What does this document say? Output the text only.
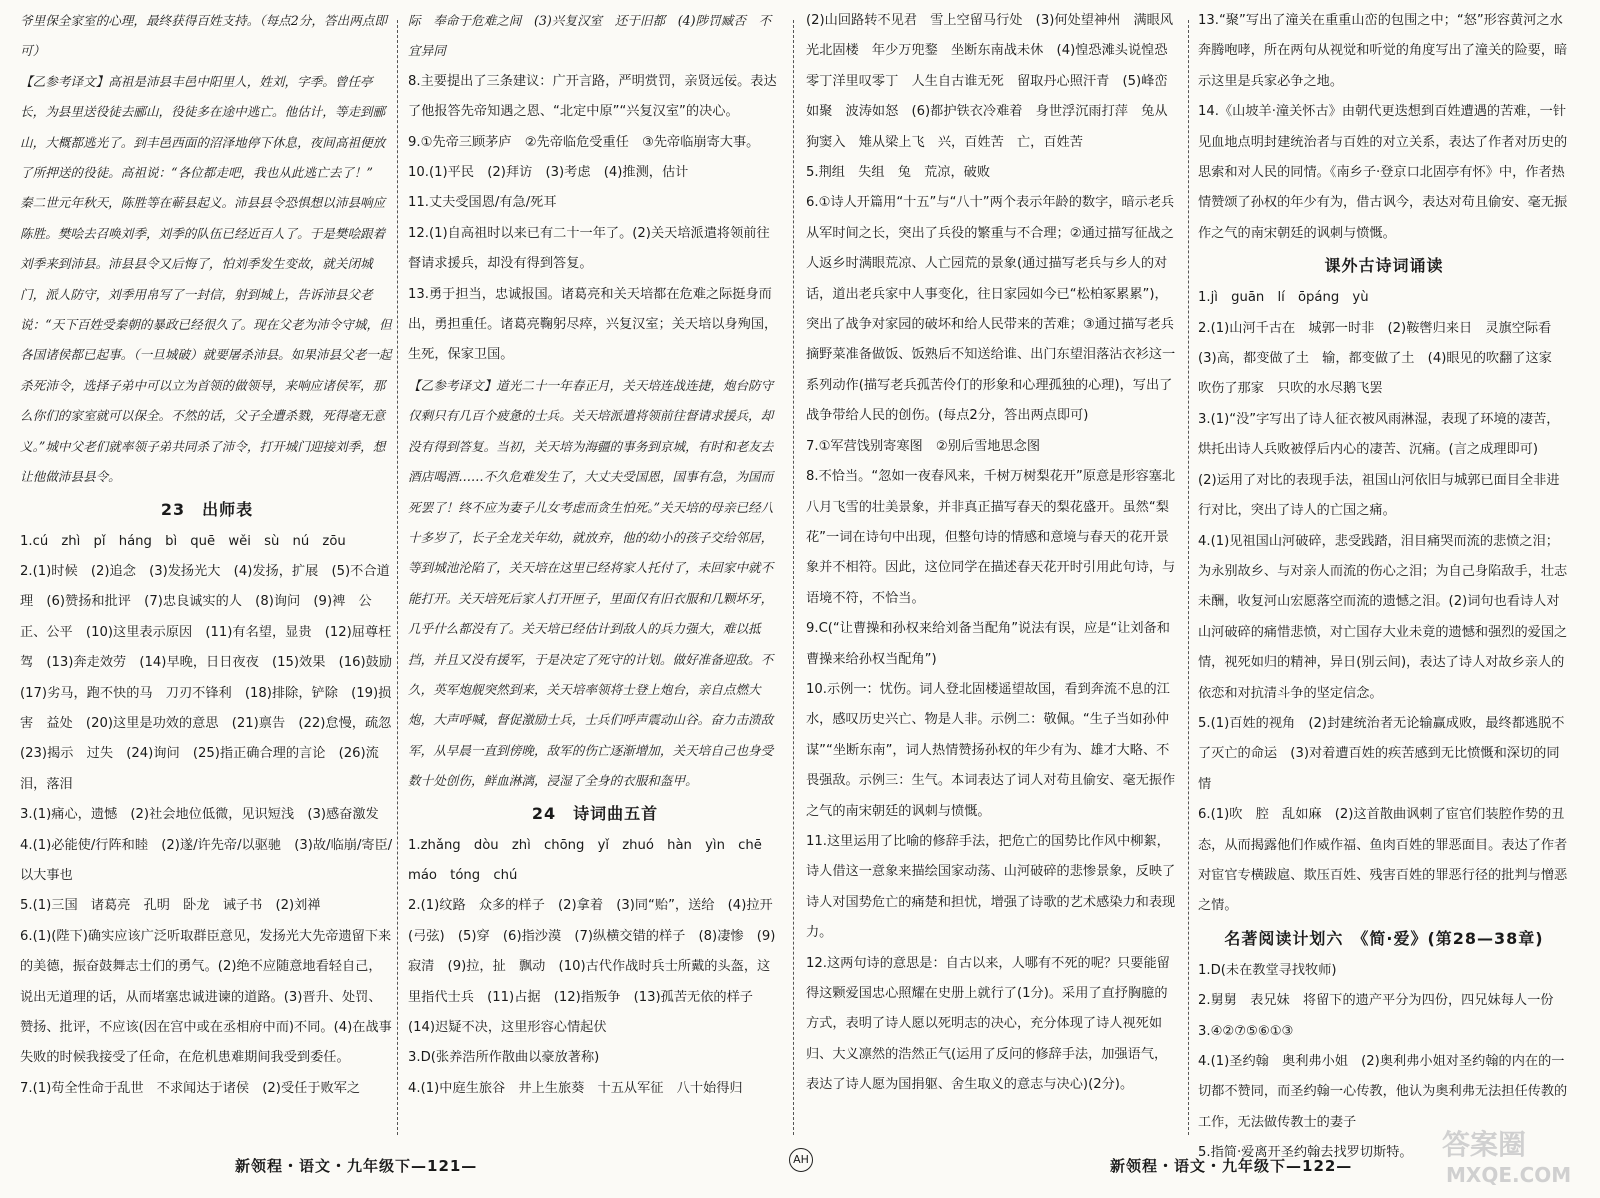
爷里保全家室的心理，最终获得百姓支持。（每点2分，答出两点即可）

【乙参考译文】高祖是沛县丰邑中阳里人，姓刘，字季。曾任亭长，为县里送役徒去郦山，役徒多在途中逃亡。他估计，等走到郦山，大概都逃光了。到丰邑西面的沼泽地停下休息，夜间高祖便放了所押送的役徒。高祖说：“各位都走吧，我也从此逃亡去了！”

秦二世元年秋天，陈胜等在蕲县起义。沛县县令恐惧想以沛县响应陈胜。樊哙去召唤刘季，刘季的队伍已经近百人了。于是樊哙跟着刘季来到沛县。沛县县令又后悔了，怕刘季发生变故，就关闭城门，派人防守，刘季用帛写了一封信，射到城上，告诉沛县父老说：“天下百姓受秦朝的暴政已经很久了。现在父老为沛令守城，但各国诸侯都已起事。（一旦城破）就要屠杀沛县。如果沛县父老一起杀死沛令，选择子弟中可以立为首领的做领导，来响应诸侯军，那么你们的家室就可以保全。不然的话，父子全遭杀戮，死得毫无意义。”城中父老们就率领子弟共同杀了沛令，打开城门迎接刘季，想让他做沛县县令。

23　出师表

1.cú　zhì　pǐ　háng　bì　quē　wěi　sù　nú　zōu

2.(1)时候　(2)追念　(3)发扬光大　(4)发扬，扩展　(5)不合道理　(6)赞扬和批评　(7)忠良诚实的人　(8)询问　(9)裨　公正、公平　(10)这里表示原因　(11)有名望，显贵　(12)屈尊枉驾　(13)奔走效劳　(14)早晚，日日夜夜　(15)效果　(16)鼓励　(17)劣马，跑不快的马　刀刃不锋利　(18)排除，铲除　(19)损害　益处　(20)这里是功效的意思　(21)禀告　(22)怠慢，疏忽　(23)揭示　过失　(24)询问　(25)指正确合理的言论　(26)流泪，落泪

3.(1)痛心，遗憾　(2)社会地位低微，见识短浅　(3)感奋激发

4.(1)必能使/行阵和睦　(2)遂/许先帝/以驱驰　(3)故/临崩/寄臣/以大事也

5.(1)三国　诸葛亮　孔明　卧龙　诫子书　(2)刘禅

6.(1)(陛下)确实应该广泛听取群臣意见，发扬光大先帝遗留下来的美德，振奋鼓舞志士们的勇气。(2)绝不应随意地看轻自己，说出无道理的话，从而堵塞忠诚进谏的道路。(3)晋升、处罚、赞扬、批评，不应该(因在宫中或在丞相府中而)不同。(4)在战事失败的时候我接受了任命，在危机患难期间我受到委任。

7.(1)苟全性命于乱世　不求闻达于诸侯　(2)受任于败军之

际　奉命于危难之间　(3)兴复汉室　还于旧都　(4)陟罚臧否　不宜异同

8.主要提出了三条建议：广开言路，严明赏罚，亲贤远佞。表达了他报答先帝知遇之恩、“北定中原”“兴复汉室”的决心。

9.①先帝三顾茅庐　②先帝临危受重任　③先帝临崩寄大事。

10.(1)平民　(2)拜访　(3)考虑　(4)推测，估计

11.丈夫受国恩/有急/死耳

12.(1)自高祖时以来已有二十一年了。(2)关天培派遣将领前往督请求援兵，却没有得到答复。

13.勇于担当，忠诚报国。诸葛亮和关天培都在危难之际挺身而出，勇担重任。诸葛亮鞠躬尽瘁，兴复汉室；关天培以身殉国，生死，保家卫国。

【乙参考译文】道光二十一年春正月，关天培连战连捷，炮台防守仅剩只有几百个疲惫的士兵。关天培派遣将领前往督请求援兵，却没有得到答复。当初，关天培为海疆的事务到京城，有时和老友去酒店喝酒……不久危难发生了，大丈夫受国恩，国事有急，为国而死罢了！终不应为妻子儿女考虑而贪生怕死。”关天培的母亲已经八十多岁了，长子全龙关年幼，就放弃，他的幼小的孩子交给邻居，等到城池沦陷了，关天培在这里已经将家人托付了，未回家中就不能打开。关天培死后家人打开匣子，里面仅有旧衣服和几颗坏牙，几乎什么都没有了。关天培已经估计到敌人的兵力强大，难以抵挡，并且又没有援军，于是决定了死守的计划。做好准备迎敌。不久，英军炮舰突然到来，关天培率领将士登上炮台，亲自点燃大炮，大声呼喊，督促激励士兵，士兵们呼声震动山谷。奋力击溃敌军，从早晨一直到傍晚，敌军的伤亡逐渐增加，关天培自己也身受数十处创伤，鲜血淋漓，浸湿了全身的衣服和盔甲。

24　诗词曲五首

1.zhǎng　dòu　zhì　chōng　yǐ　zhuó　hàn　yìn　chē　máo　tóng　chú

2.(1)纹路　众多的样子　(2)拿着　(3)同“贻”，送给　(4)拉开(弓弦)　(5)穿　(6)指沙漠　(7)纵横交错的样子　(8)凄惨　(9)寂清　(9)拉，扯　飘动　(10)古代作战时兵士所戴的头盔，这里指代士兵　(11)占据　(12)指叛争　(13)孤苦无依的样子　(14)迟疑不决，这里形容心情起伏

3.D(张养浩所作散曲以豪放著称)

4.(1)中庭生旅谷　井上生旅葵　十五从军征　八十始得归

(2)山回路转不见君　雪上空留马行处　(3)何处望神州　满眼风光北固楼　年少万兜鍪　坐断东南战未休　(4)惶恐滩头说惶恐　零丁洋里叹零丁　人生自古谁无死　留取丹心照汗青　(5)峰峦如聚　波涛如怒　(6)都护铁衣冷难着　身世浮沉雨打萍　兔从狗窦入　雉从梁上飞　兴，百姓苦　亡，百姓苦

5.荆组　失组　兔　荒凉，破败

6.①诗人开篇用“十五”与“八十”两个表示年龄的数字，暗示老兵从军时间之长，突出了兵役的繁重与不合理；②通过描写征战之人返乡时满眼荒凉、人亡园荒的景象(通过描写老兵与乡人的对话，道出老兵家中人事变化，往日家园如今已“松柏冢累累”)，突出了战争对家园的破坏和给人民带来的苦难；③通过描写老兵摘野菜准备做饭、饭熟后不知送给谁、出门东望泪落沾衣衫这一系列动作(描写老兵孤苦伶仃的形象和心理孤独的心理)，写出了战争带给人民的创伤。(每点2分，答出两点即可)

7.①军营饯别寄寒图　②别后雪地思念图

8.不恰当。“忽如一夜春风来，千树万树梨花开”原意是形容塞北八月飞雪的壮美景象，并非真正描写春天的梨花盛开。虽然“梨花”一词在诗句中出现，但整句诗的情感和意境与春天的花开景象并不相符。因此，这位同学在描述春天花开时引用此句诗，与语境不符，不恰当。

9.C(“让曹操和孙权来给刘备当配角”说法有误，应是“让刘备和曹操来给孙权当配角”)

10.示例一：忧伤。词人登北固楼遥望故国，看到奔流不息的江水，感叹历史兴亡、物是人非。示例二：敬佩。“生子当如孙仲谋”“坐断东南”，词人热情赞扬孙权的年少有为、雄才大略、不畏强敌。示例三：生气。本词表达了词人对苟且偷安、毫无振作之气的南宋朝廷的讽刺与愤慨。

11.这里运用了比喻的修辞手法，把危亡的国势比作风中柳絮，诗人借这一意象来描绘国家动荡、山河破碎的悲惨景象，反映了诗人对国势危亡的痛楚和担忧，增强了诗歌的艺术感染力和表现力。

12.这两句诗的意思是：自古以来，人哪有不死的呢？只要能留得这颗爱国忠心照耀在史册上就行了(1分)。采用了直抒胸臆的方式，表明了诗人愿以死明志的决心，充分体现了诗人视死如归、大义凛然的浩然正气(运用了反问的修辞手法，加强语气，表达了诗人愿为国捐躯、舍生取义的意志与决心)(2分)。

13.“聚”写出了潼关在重重山峦的包围之中；“怒”形容黄河之水奔腾咆哮，所在两句从视觉和听觉的角度写出了潼关的险要，暗示这里是兵家必争之地。

14.《山坡羊·潼关怀古》由朝代更迭想到百姓遭遇的苦难，一针见血地点明封建统治者与百姓的对立关系，表达了作者对历史的思索和对人民的同情。《南乡子·登京口北固亭有怀》中，作者热情赞颂了孙权的年少有为，借古讽今，表达对苟且偷安、毫无振作之气的南宋朝廷的讽刺与愤慨。

课外古诗词诵读

1.jì　guān　lí　ōpáng　yù

2.(1)山河千古在　城郭一时非　(2)鞍辔归来日　灵旗空际看　(3)高，都变做了土　输，都变做了土　(4)眼见的吹翻了这家　吹伤了那家　只吹的水尽鹅飞罢

3.(1)“没”字写出了诗人征衣被风雨淋湿，表现了环境的凄苦，烘托出诗人兵败被俘后内心的凄苦、沉痛。(言之成理即可)

(2)运用了对比的表现手法，祖国山河依旧与城郭已面目全非进行对比，突出了诗人的亡国之痛。

4.(1)见祖国山河破碎，悲受践踏，泪目痛哭而流的悲愤之泪；为永别故乡、与对亲人而流的伤心之泪；为自己身陷敌手，壮志未酬，收复河山宏愿落空而流的遗憾之泪。(2)词句也看诗人对山河破碎的痛惜悲愤，对亡国存大业未竟的遗憾和强烈的爱国之情，视死如归的精神，异日(别云间)，表达了诗人对故乡亲人的依恋和对抗清斗争的坚定信念。

5.(1)百姓的视角　(2)封建统治者无论输赢成败，最终都逃脱不了灭亡的命运　(3)对着遭百姓的疾苦感到无比愤慨和深切的同情

6.(1)吹　腔　乱如麻　(2)这首散曲讽刺了宦官们装腔作势的丑态，从而揭露他们作威作福、鱼肉百姓的罪恶面目。表达了作者对宦官专横跋扈、欺压百姓、残害百姓的罪恶行径的批判与憎恶之情。

名著阅读计划六　《简·爱》(第28—38章)

1.D(未在教堂寻找牧师)

2.舅舅　表兄妹　将留下的遗产平分为四份，四兄妹每人一份

3.④②⑦⑤⑥①③

4.(1)圣约翰　奥利弗小姐　(2)奥利弗小姐对圣约翰的内在的一切都不赞同，而圣约翰一心传教，他认为奥利弗无法担任传教的工作，无法做传教士的妻子

5.指简·爱离开圣约翰去找罗切斯特。

新领程・语文・九年级下—121—	AH	新领程・语文・九年级下—122—
答案圈
MXQE.COM
